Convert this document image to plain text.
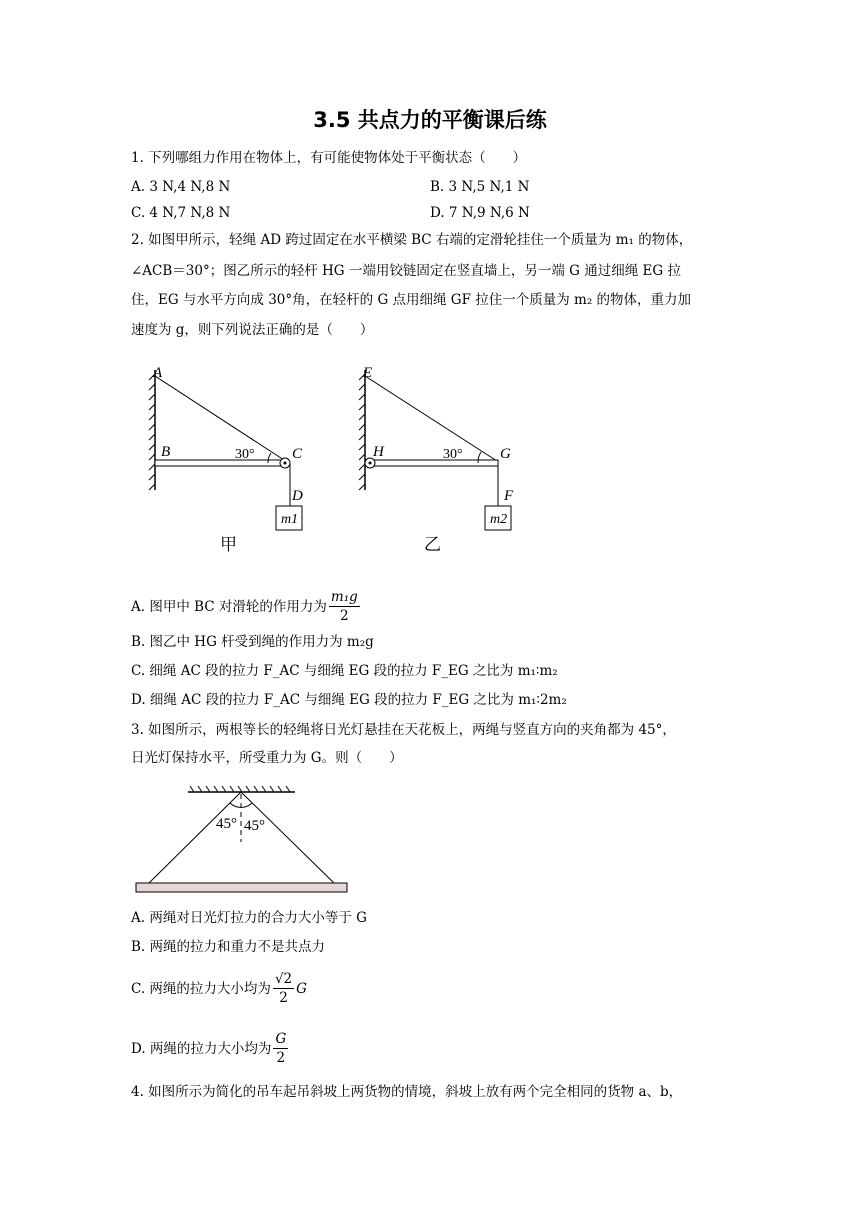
3.5 共点力的平衡课后练
1. 下列哪组力作用在物体上，有可能使物体处于平衡状态（　　）
A. 3 N,4 N,8 N	B. 3 N,5 N,1 N
C. 4 N,7 N,8 N	D. 7 N,9 N,6 N
2. 如图甲所示，轻绳 AD 跨过固定在水平横梁 BC 右端的定滑轮挂住一个质量为 m₁ 的物体，
∠ACB＝30°；图乙所示的轻杆 HG 一端用铰链固定在竖直墙上，另一端 G 通过细绳 EG 拉
住，EG 与水平方向成 30°角，在轻杆的 G 点用细绳 GF 拉住一个质量为 m₂ 的物体，重力加
速度为 g，则下列说法正确的是（　　）
A
B	30° C
D
m1
甲
E
H	30° G
F
m2
乙
A. 图甲中 BC 对滑轮的作用力为 $\frac{\text{m₁g}}{2}$
B. 图乙中 HG 杆受到绳的作用力为 m₂g
C. 细绳 AC 段的拉力 F_AC 与细绳 EG 段的拉力 F_EG 之比为 m₁∶m₂
D. 细绳 AC 段的拉力 F_AC 与细绳 EG 段的拉力 F_EG 之比为 m₁∶2m₂
3. 如图所示，两根等长的轻绳将日光灯悬挂在天花板上，两绳与竖直方向的夹角都为 45°，
日光灯保持水平，所受重力为 G。则（　　）
45° 45°
A. 两绳对日光灯拉力的合力大小等于 G
B. 两绳的拉力和重力不是共点力
C. 两绳的拉力大小均为 $\frac{√2}{2}$ G
D. 两绳的拉力大小均为 $\frac{G}{2}$
4. 如图所示为简化的吊车起吊斜坡上两货物的情境，斜坡上放有两个完全相同的货物 a、b，
